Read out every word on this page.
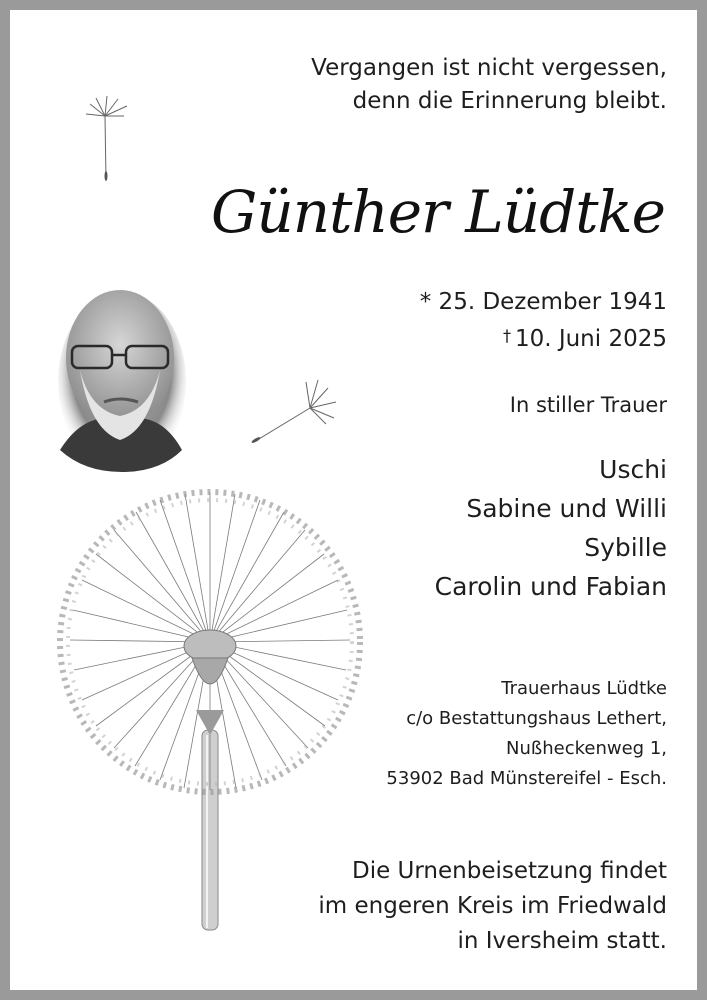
Vergangen ist nicht vergessen,
denn die Erinnerung bleibt.
Günther Lüdtke
* 25. Dezember 1941
† 10. Juni 2025
In stiller Trauer
Uschi
Sabine und Willi
Sybille
Carolin und Fabian
Trauerhaus Lüdtke
c/o Bestattungshaus Lethert,
Nußheckenweg 1,
53902 Bad Münstereifel - Esch.
Die Urnenbeisetzung findet
im engeren Kreis im Friedwald
in Iversheim statt.
